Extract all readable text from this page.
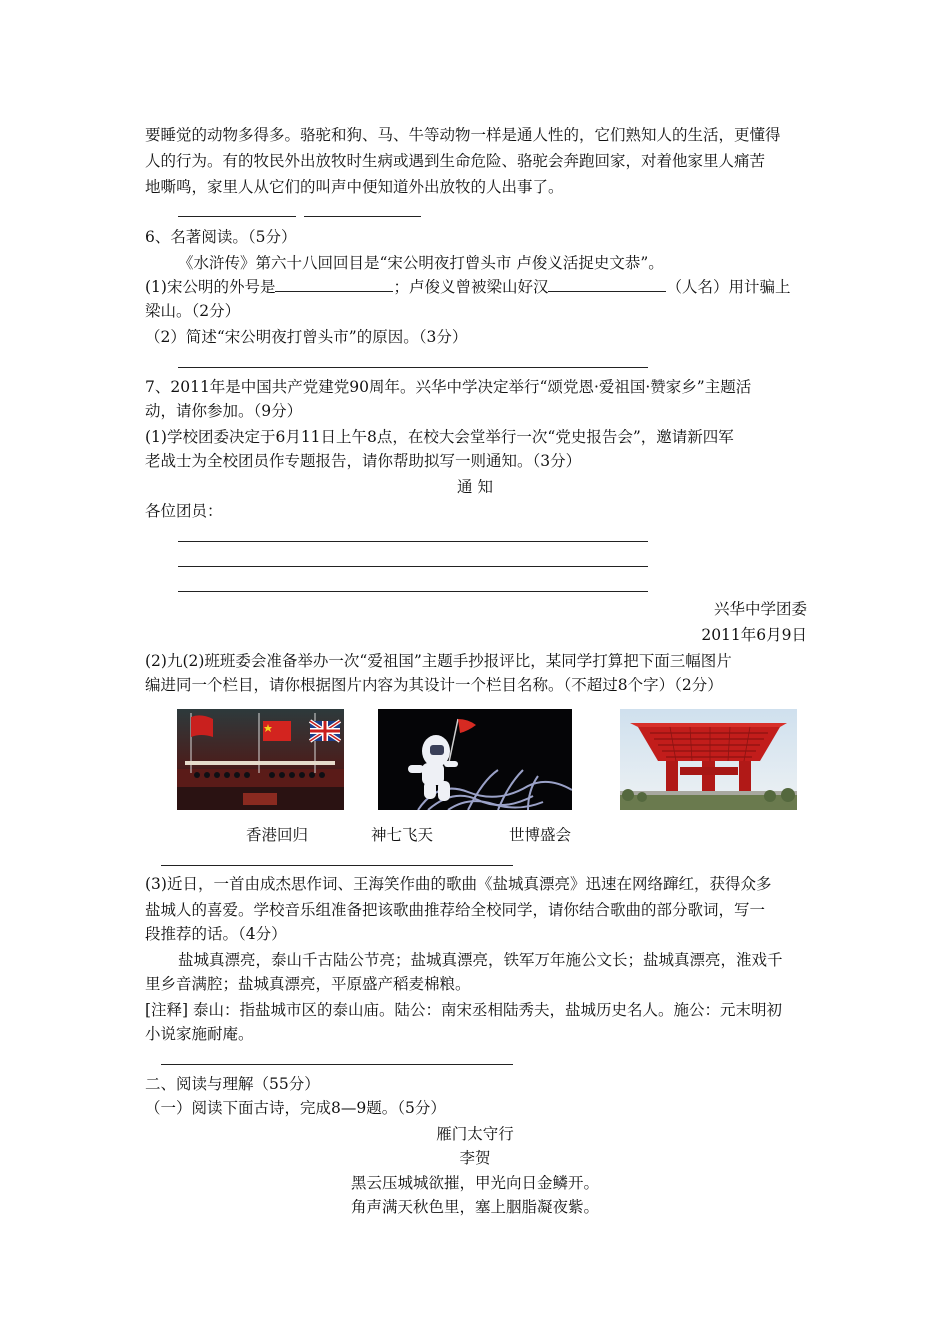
要睡觉的动物多得多。骆驼和狗、马、牛等动物一样是通人性的，它们熟知人的生活，更懂得
人的行为。有的牧民外出放牧时生病或遇到生命危险、骆驼会奔跑回家，对着他家里人痛苦
地嘶鸣，家里人从它们的叫声中便知道外出放牧的人出事了。
6、名著阅读。（5分）
《水浒传》第六十八回回目是“宋公明夜打曾头市 卢俊义活捉史文恭”。
(1)宋公明的外号是	；卢俊义曾被梁山好汉	（人名）用计骗上
梁山。（2分）
（2）简述“宋公明夜打曾头市”的原因。（3分）
7、2011年是中国共产党建党90周年。兴华中学决定举行“颂党恩·爱祖国·赞家乡”主题活
动，请你参加。（9分）
(1)学校团委决定于6月11日上午8点，在校大会堂举行一次“党史报告会”，邀请新四军
老战士为全校团员作专题报告，请你帮助拟写一则通知。（3分）
通 知
各位团员：
兴华中学团委
2011年6月9日
(2)九(2)班班委会准备举办一次“爱祖国”主题手抄报评比，某同学打算把下面三幅图片
编进同一个栏目，请你根据图片内容为其设计一个栏目名称。（不超过8个字）（2分）
香港回归	神七飞天	世博盛会
(3)近日，一首由成杰思作词、王海笑作曲的歌曲《盐城真漂亮》迅速在网络蹿红，获得众多
盐城人的喜爱。学校音乐组准备把该歌曲推荐给全校同学，请你结合歌曲的部分歌词，写一
段推荐的话。（4分）
盐城真漂亮，泰山千古陆公节亮；盐城真漂亮，铁军万年施公文长；盐城真漂亮，淮戏千
里乡音满腔；盐城真漂亮，平原盛产稻麦棉粮。
[注释] 泰山：指盐城市区的泰山庙。陆公：南宋丞相陆秀夫，盐城历史名人。施公：元末明初
小说家施耐庵。
二、阅读与理解（55分）
（一）阅读下面古诗，完成8—9题。（5分）
雁门太守行
李贺
黑云压城城欲摧，甲光向日金鳞开。
角声满天秋色里，塞上胭脂凝夜紫。
